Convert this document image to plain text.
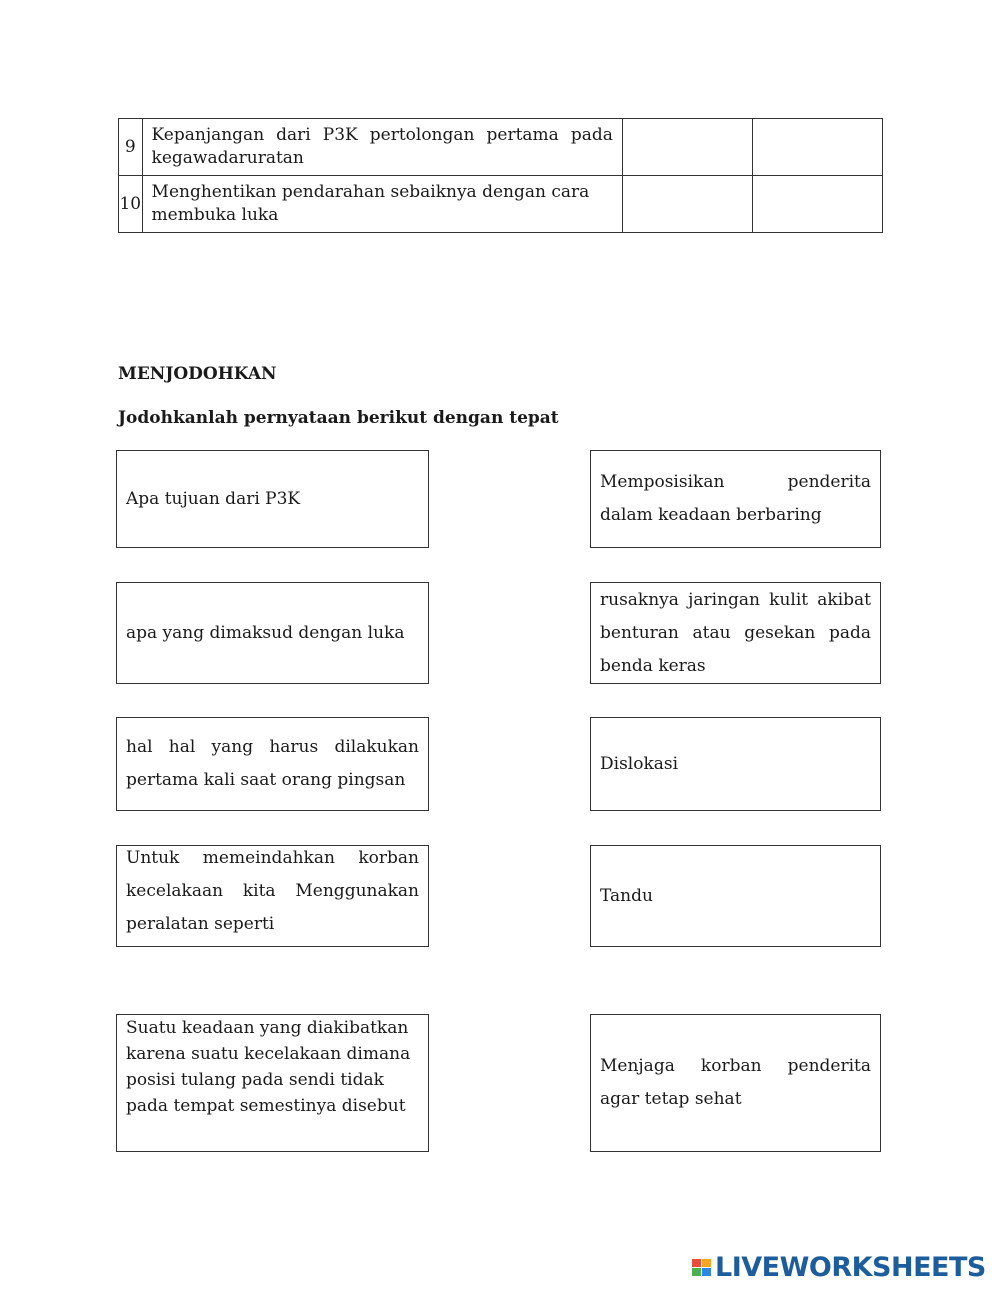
9	Kepanjangan dari P3K pertolongan pertama pada kegawadaruratan		
10	Menghentikan pendarahan sebaiknya dengan cara membuka luka		
MENJODOHKAN
Jodohkanlah pernyataan berikut dengan tepat
Apa tujuan dari P3K
apa yang dimaksud dengan luka
hal hal yang harus dilakukan pertama kali saat orang pingsan
Untuk memeindahkan korban kecelakaan kita Menggunakan peralatan seperti
Suatu keadaan yang diakibatkan karena suatu kecelakaan dimana posisi tulang pada sendi tidak pada tempat semestinya disebut
Memposisikan penderita dalam keadaan berbaring
rusaknya jaringan kulit akibat benturan atau gesekan pada benda keras
Dislokasi
Tandu
Menjaga korban penderita agar tetap sehat
LIVEWORKSHEETS
